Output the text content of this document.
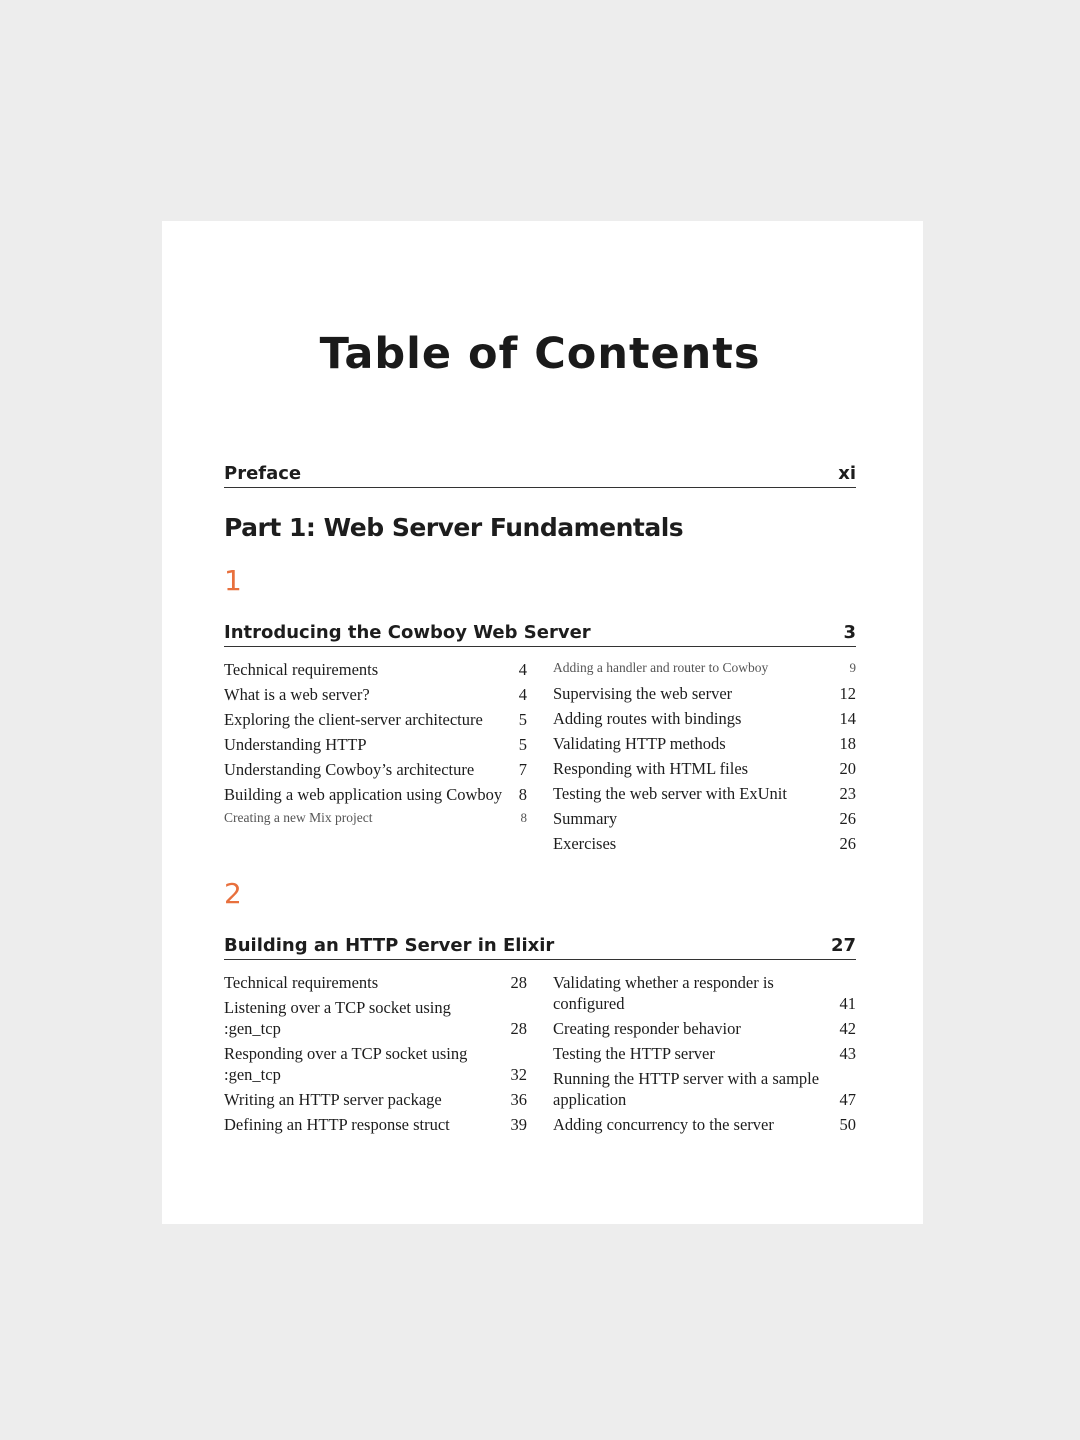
Table of Contents
Preface	xi
Part 1: Web Server Fundamentals
1
Introducing the Cowboy Web Server	3
Technical requirements	4
What is a web server?	4
Exploring the client-server architecture	5
Understanding HTTP	5
Understanding Cowboy’s architecture	7
Building a web application using Cowboy	8
Creating a new Mix project	8
Adding a handler and router to Cowboy	9
Supervising the web server	12
Adding routes with bindings	14
Validating HTTP methods	18
Responding with HTML files	20
Testing the web server with ExUnit	23
Summary	26
Exercises	26
2
Building an HTTP Server in Elixir	27
Technical requirements	28
Listening over a TCP socket using :gen_tcp	28
Responding over a TCP socket using :gen_tcp	32
Writing an HTTP server package	36
Defining an HTTP response struct	39
Validating whether a responder is configured	41
Creating responder behavior	42
Testing the HTTP server	43
Running the HTTP server with a sample application	47
Adding concurrency to the server	50
